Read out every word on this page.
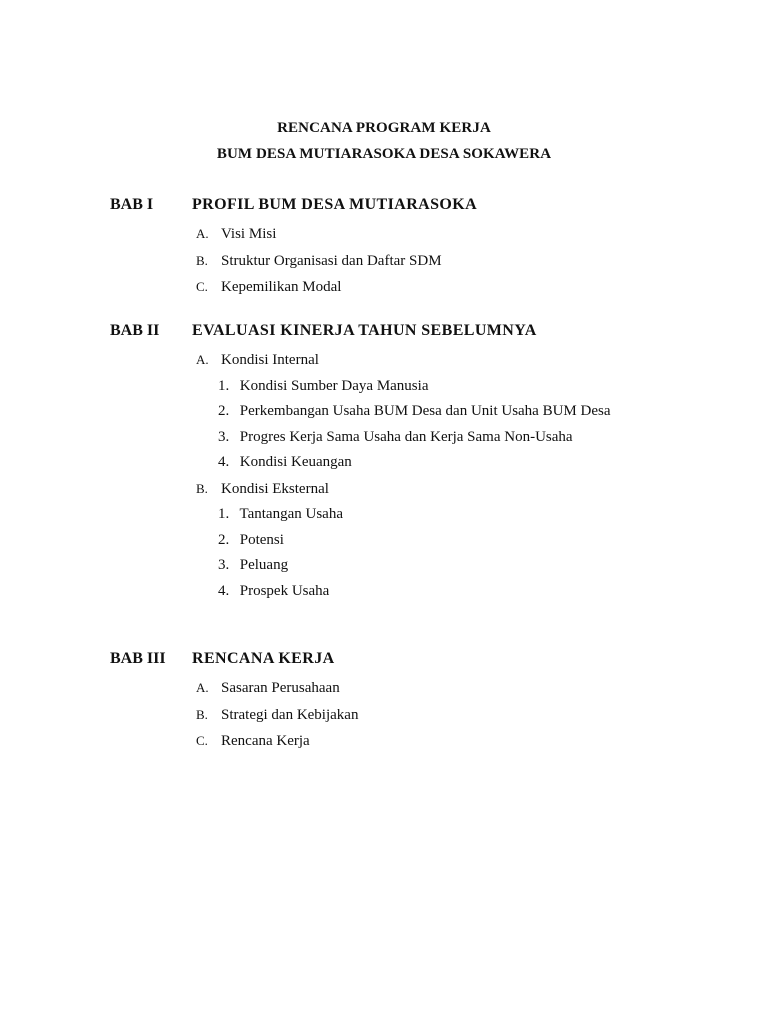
RENCANA PROGRAM KERJA
BUM DESA MUTIARASOKA DESA SOKAWERA
BAB I PROFIL BUM DESA MUTIARASOKA
A. Visi Misi
B. Struktur Organisasi dan Daftar SDM
C. Kepemilikan Modal
BAB II EVALUASI KINERJA TAHUN SEBELUMNYA
A. Kondisi Internal
1. Kondisi Sumber Daya Manusia
2. Perkembangan Usaha BUM Desa dan Unit Usaha BUM Desa
3. Progres Kerja Sama Usaha dan Kerja Sama Non-Usaha
4. Kondisi Keuangan
B. Kondisi Eksternal
1. Tantangan Usaha
2. Potensi
3. Peluang
4. Prospek Usaha
BAB III RENCANA KERJA
A. Sasaran Perusahaan
B. Strategi dan Kebijakan
C. Rencana Kerja
